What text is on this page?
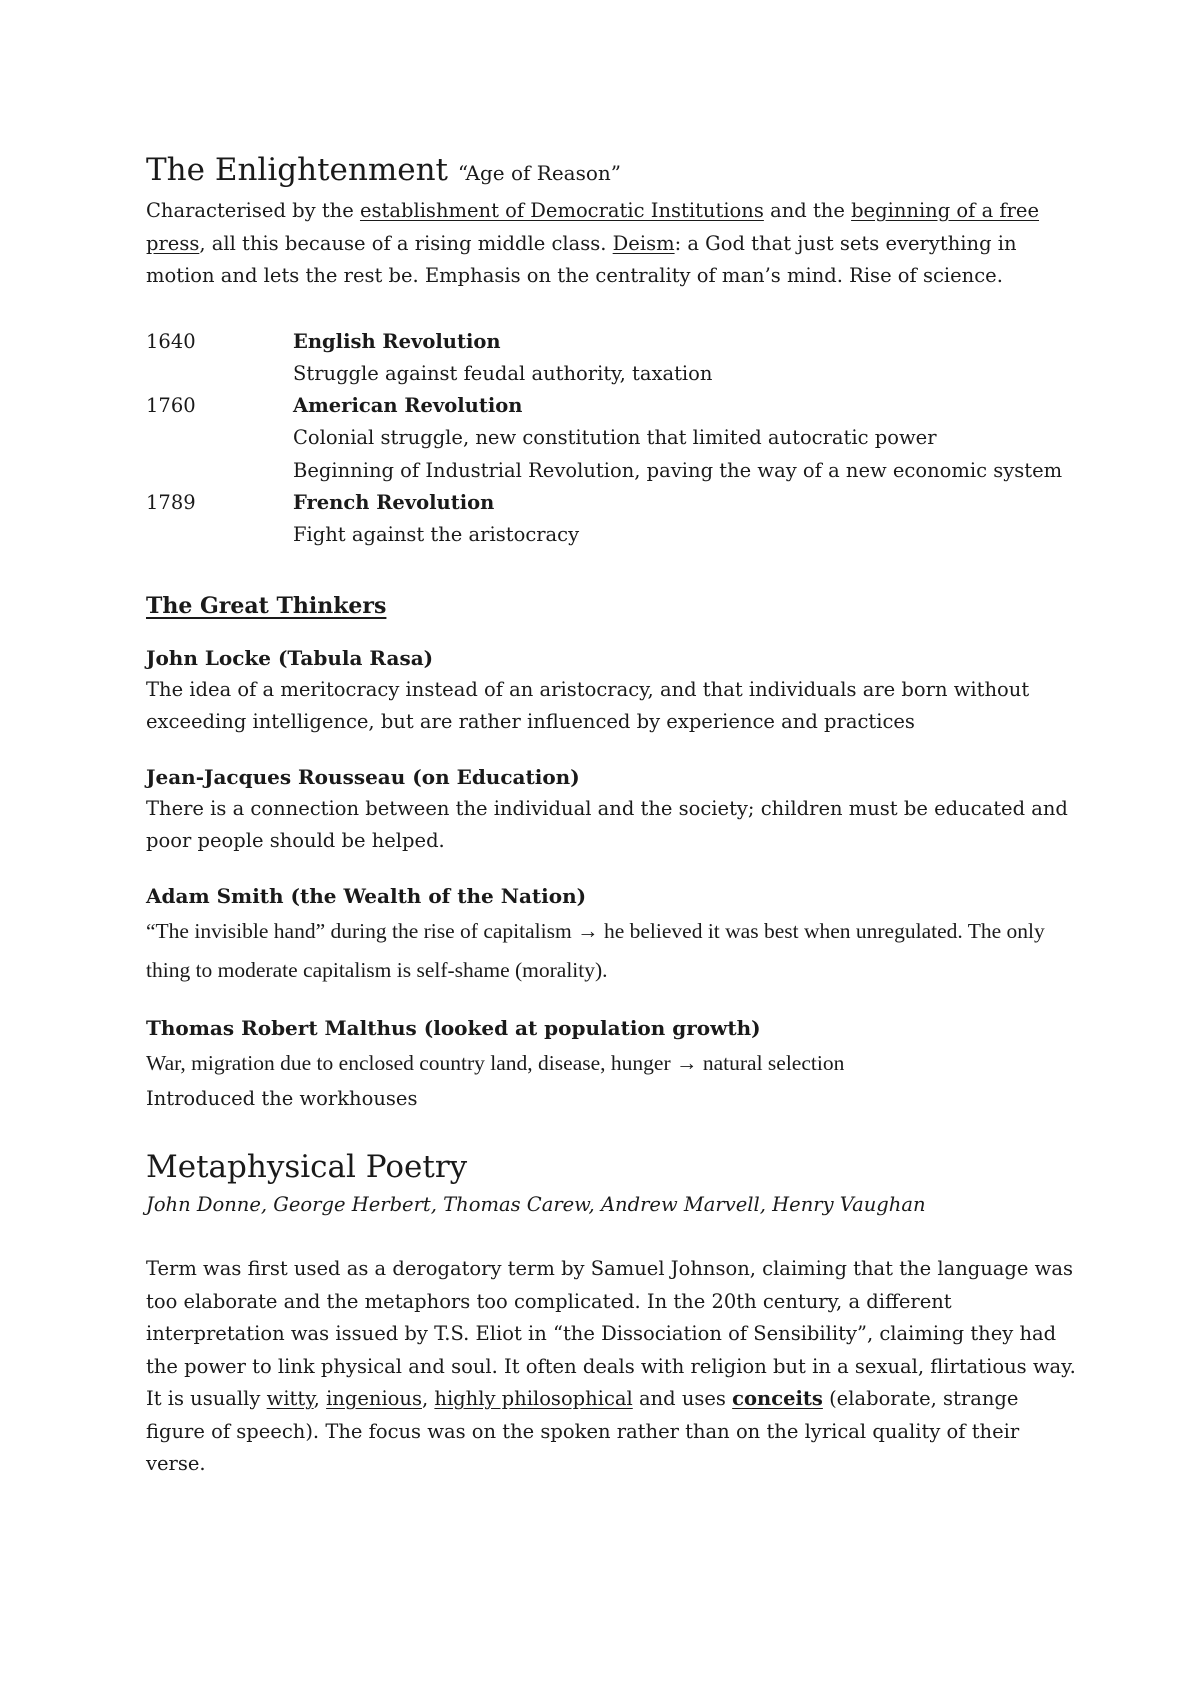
The Enlightenment “Age of Reason”

Characterised by the establishment of Democratic Institutions and the beginning of a free press, all this because of a rising middle class. Deism: a God that just sets everything in motion and lets the rest be. Emphasis on the centrality of man’s mind. Rise of science.

1640	English Revolution
Struggle against feudal authority, taxation
1760	American Revolution
Colonial struggle, new constitution that limited autocratic power
Beginning of Industrial Revolution, paving the way of a new economic system
1789	French Revolution
Fight against the aristocracy
The Great Thinkers

John Locke (Tabula Rasa)

The idea of a meritocracy instead of an aristocracy, and that individuals are born without exceeding intelligence, but are rather influenced by experience and practices

Jean-Jacques Rousseau (on Education)

There is a connection between the individual and the society; children must be educated and poor people should be helped.

Adam Smith (the Wealth of the Nation)

“The invisible hand” during the rise of capitalism → he believed it was best when unregulated. The only thing to moderate capitalism is self-shame (morality).

Thomas Robert Malthus (looked at population growth)

War, migration due to enclosed country land, disease, hunger → natural selection

Introduced the workhouses

Metaphysical Poetry

John Donne, George Herbert, Thomas Carew, Andrew Marvell, Henry Vaughan

Term was first used as a derogatory term by Samuel Johnson, claiming that the language was too elaborate and the metaphors too complicated. In the 20th century, a different interpretation was issued by T.S. Eliot in “the Dissociation of Sensibility”, claiming they had the power to link physical and soul. It often deals with religion but in a sexual, flirtatious way. It is usually witty, ingenious, highly philosophical and uses conceits (elaborate, strange figure of speech). The focus was on the spoken rather than on the lyrical quality of their verse.
